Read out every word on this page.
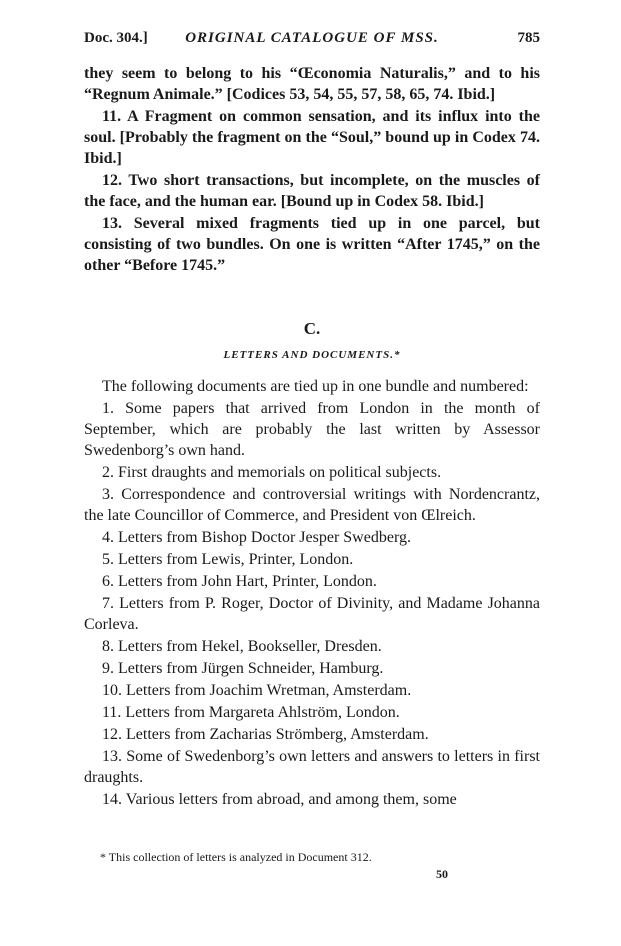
Doc. 304.]	ORIGINAL CATALOGUE OF MSS.	785

they seem to belong to his “Œconomia Naturalis,” and to his “Regnum Animale.” [Codices 53, 54, 55, 57, 58, 65, 74. Ibid.]

11. A Fragment on common sensation, and its influx into the soul. [Probably the fragment on the “Soul,” bound up in Codex 74. Ibid.]

12. Two short transactions, but incomplete, on the muscles of the face, and the human ear. [Bound up in Codex 58. Ibid.]

13. Several mixed fragments tied up in one parcel, but consisting of two bundles. On one is written “After 1745,” on the other “Before 1745.”

C.
LETTERS AND DOCUMENTS.*

The following documents are tied up in one bundle and numbered:

1. Some papers that arrived from London in the month of September, which are probably the last written by Assessor Swedenborg’s own hand.

2. First draughts and memorials on political subjects.

3. Correspondence and controversial writings with Nordencrantz, the late Councillor of Commerce, and President von Œlreich.

4. Letters from Bishop Doctor Jesper Swedberg.

5. Letters from Lewis, Printer, London.

6. Letters from John Hart, Printer, London.

7. Letters from P. Roger, Doctor of Divinity, and Madame Johanna Corleva.

8. Letters from Hekel, Bookseller, Dresden.

9. Letters from Jürgen Schneider, Hamburg.

10. Letters from Joachim Wretman, Amsterdam.

11. Letters from Margareta Ahlström, London.

12. Letters from Zacharias Strömberg, Amsterdam.

13. Some of Swedenborg’s own letters and answers to letters in first draughts.

14. Various letters from abroad, and among them, some

* This collection of letters is analyzed in Document 312.
50
